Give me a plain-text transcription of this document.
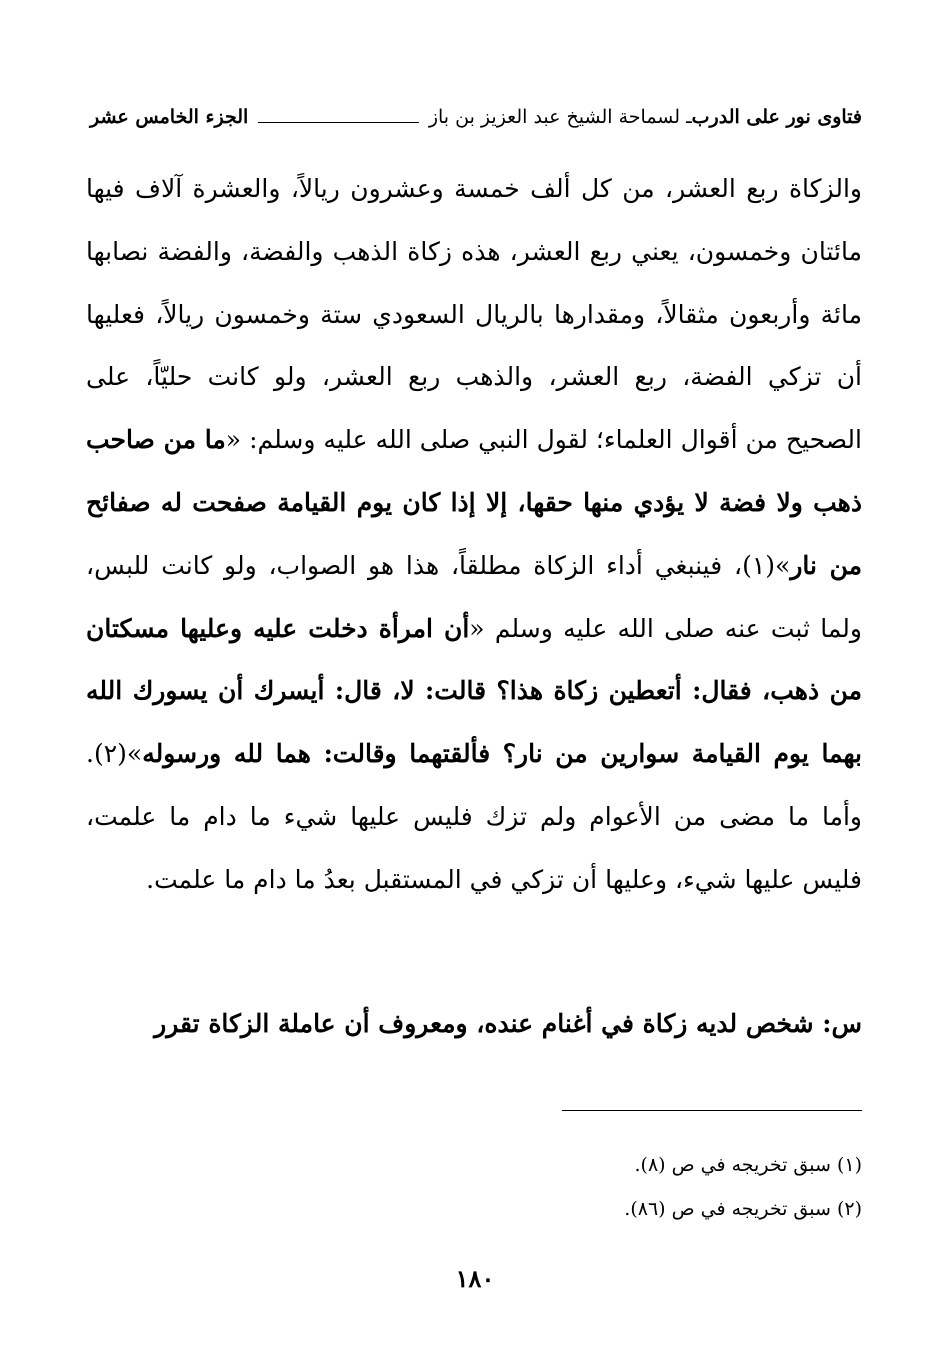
فتاوى نور على الدرب
ـ لسماحة الشيخ عبد العزيز بن باز
الجزء الخامس عشر
والزكاة ربع العشر، من كل ألف خمسة وعشرون ريالاً، والعشرة آلاف فيها مائتان وخمسون، يعني ربع العشر، هذه زكاة الذهب والفضة، والفضة نصابها مائة وأربعون مثقالاً، ومقدارها بالريال السعودي ستة وخمسون ريالاً، فعليها أن تزكي الفضة، ربع العشر، والذهب ربع العشر، ولو كانت حليّاً، على الصحيح من أقوال العلماء؛ لقول النبي صلى الله عليه وسلم: «ما من صاحب ذهب ولا فضة لا يؤدي منها حقها، إلا إذا كان يوم القيامة صفحت له صفائح من نار»(١)، فينبغي أداء الزكاة مطلقاً، هذا هو الصواب، ولو كانت للبس، ولما ثبت عنه صلى الله عليه وسلم «أن امرأة دخلت عليه وعليها مسكتان من ذهب، فقال: أتعطين زكاة هذا؟ قالت: لا، قال: أيسرك أن يسورك الله بهما يوم القيامة سوارين من نار؟ فألقتهما وقالت: هما لله ورسوله»(٢). وأما ما مضى من الأعوام ولم تزك فليس عليها شيء ما دام ما علمت، فليس عليها شيء، وعليها أن تزكي في المستقبل بعدُ ما دام ما علمت.
س: شخص لديه زكاة في أغنام عنده، ومعروف أن عاملة الزكاة تقرر
(١) سبق تخريجه في ص (٨).
(٢) سبق تخريجه في ص (٨٦).
١٨٠
